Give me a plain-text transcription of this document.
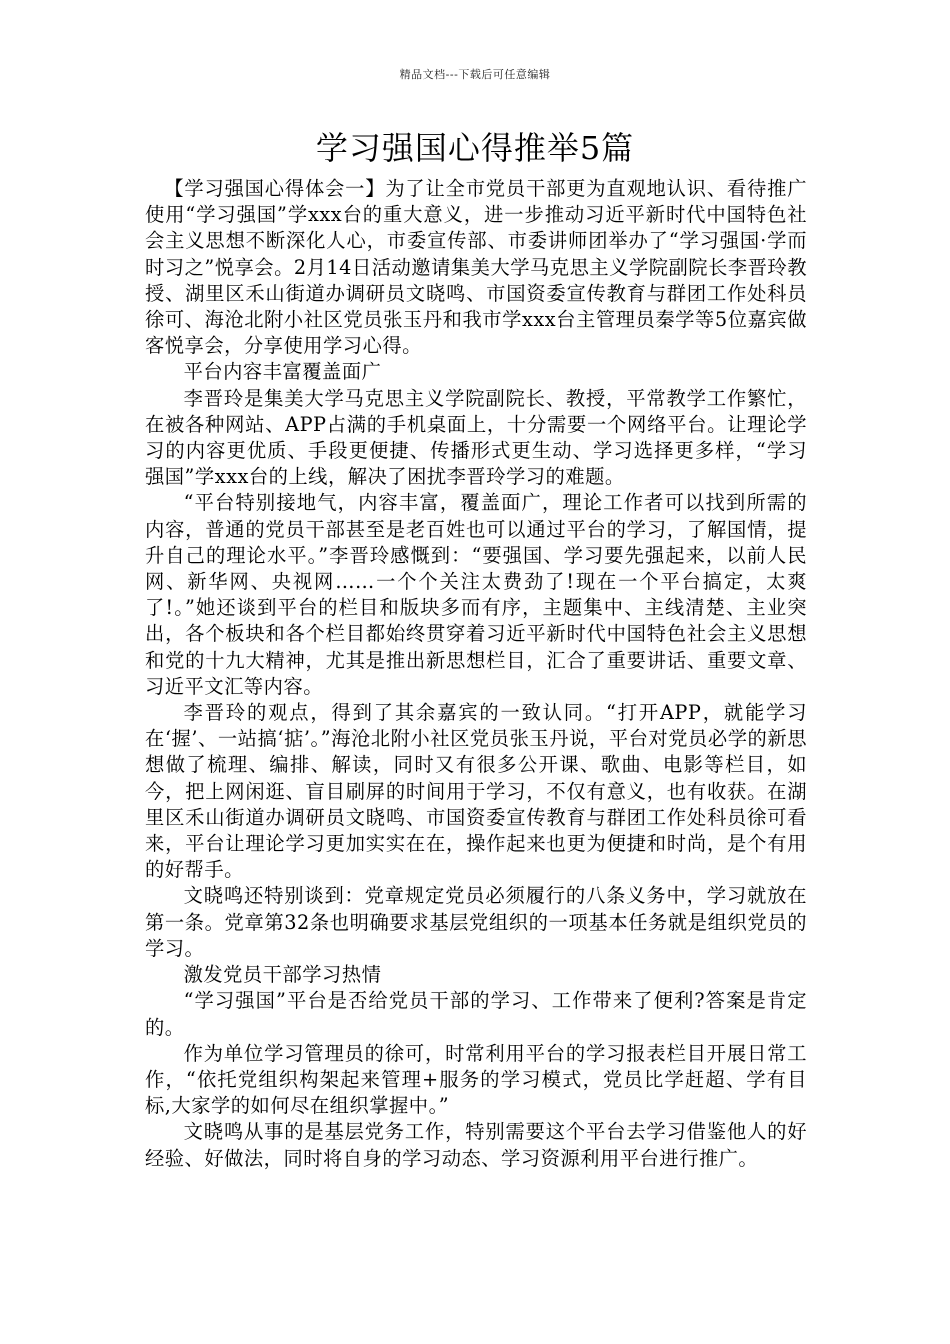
精品文档---下载后可任意编辑
学习强国心得推举5篇

【学习强国心得体会一】为了让全市党员干部更为直观地认识、看待推广使用“学习强国”学xxx台的重大意义，进一步推动习近平新时代中国特色社会主义思想不断深化人心，市委宣传部、市委讲师团举办了“学习强国·学而时习之”悦享会。2月14日活动邀请集美大学马克思主义学院副院长李晋玲教授、湖里区禾山街道办调研员文晓鸣、市国资委宣传教育与群团工作处科员徐可、海沧北附小社区党员张玉丹和我市学xxx台主管理员秦学等5位嘉宾做客悦享会，分享使用学习心得。

平台内容丰富覆盖面广

李晋玲是集美大学马克思主义学院副院长、教授，平常教学工作繁忙，在被各种网站、APP占满的手机桌面上，十分需要一个网络平台。让理论学习的内容更优质、手段更便捷、传播形式更生动、学习选择更多样，“学习强国”学xxx台的上线，解决了困扰李晋玲学习的难题。

“平台特别接地气，内容丰富，覆盖面广，理论工作者可以找到所需的内容，普通的党员干部甚至是老百姓也可以通过平台的学习，了解国情，提升自己的理论水平。”李晋玲感慨到：“要强国、学习要先强起来，以前人民网、新华网、央视网……一个个关注太费劲了!现在一个平台搞定，太爽了!。”她还谈到平台的栏目和版块多而有序，主题集中、主线清楚、主业突出，各个板块和各个栏目都始终贯穿着习近平新时代中国特色社会主义思想和党的十九大精神，尤其是推出新思想栏目，汇合了重要讲话、重要文章、习近平文汇等内容。

李晋玲的观点，得到了其余嘉宾的一致认同。“打开APP，就能学习在‘握’、一站搞‘掂’。”海沧北附小社区党员张玉丹说，平台对党员必学的新思想做了梳理、编排、解读，同时又有很多公开课、歌曲、电影等栏目，如今，把上网闲逛、盲目刷屏的时间用于学习，不仅有意义，也有收获。在湖里区禾山街道办调研员文晓鸣、市国资委宣传教育与群团工作处科员徐可看来，平台让理论学习更加实实在在，操作起来也更为便捷和时尚，是个有用的好帮手。

文晓鸣还特别谈到：党章规定党员必须履行的八条义务中，学习就放在第一条。党章第32条也明确要求基层党组织的一项基本任务就是组织党员的学习。

激发党员干部学习热情

“学习强国”平台是否给党员干部的学习、工作带来了便利?答案是肯定的。

作为单位学习管理员的徐可，时常利用平台的学习报表栏目开展日常工作，“依托党组织构架起来管理+服务的学习模式，党员比学赶超、学有目标,大家学的如何尽在组织掌握中。”

文晓鸣从事的是基层党务工作，特别需要这个平台去学习借鉴他人的好经验、好做法，同时将自身的学习动态、学习资源利用平台进行推广。
